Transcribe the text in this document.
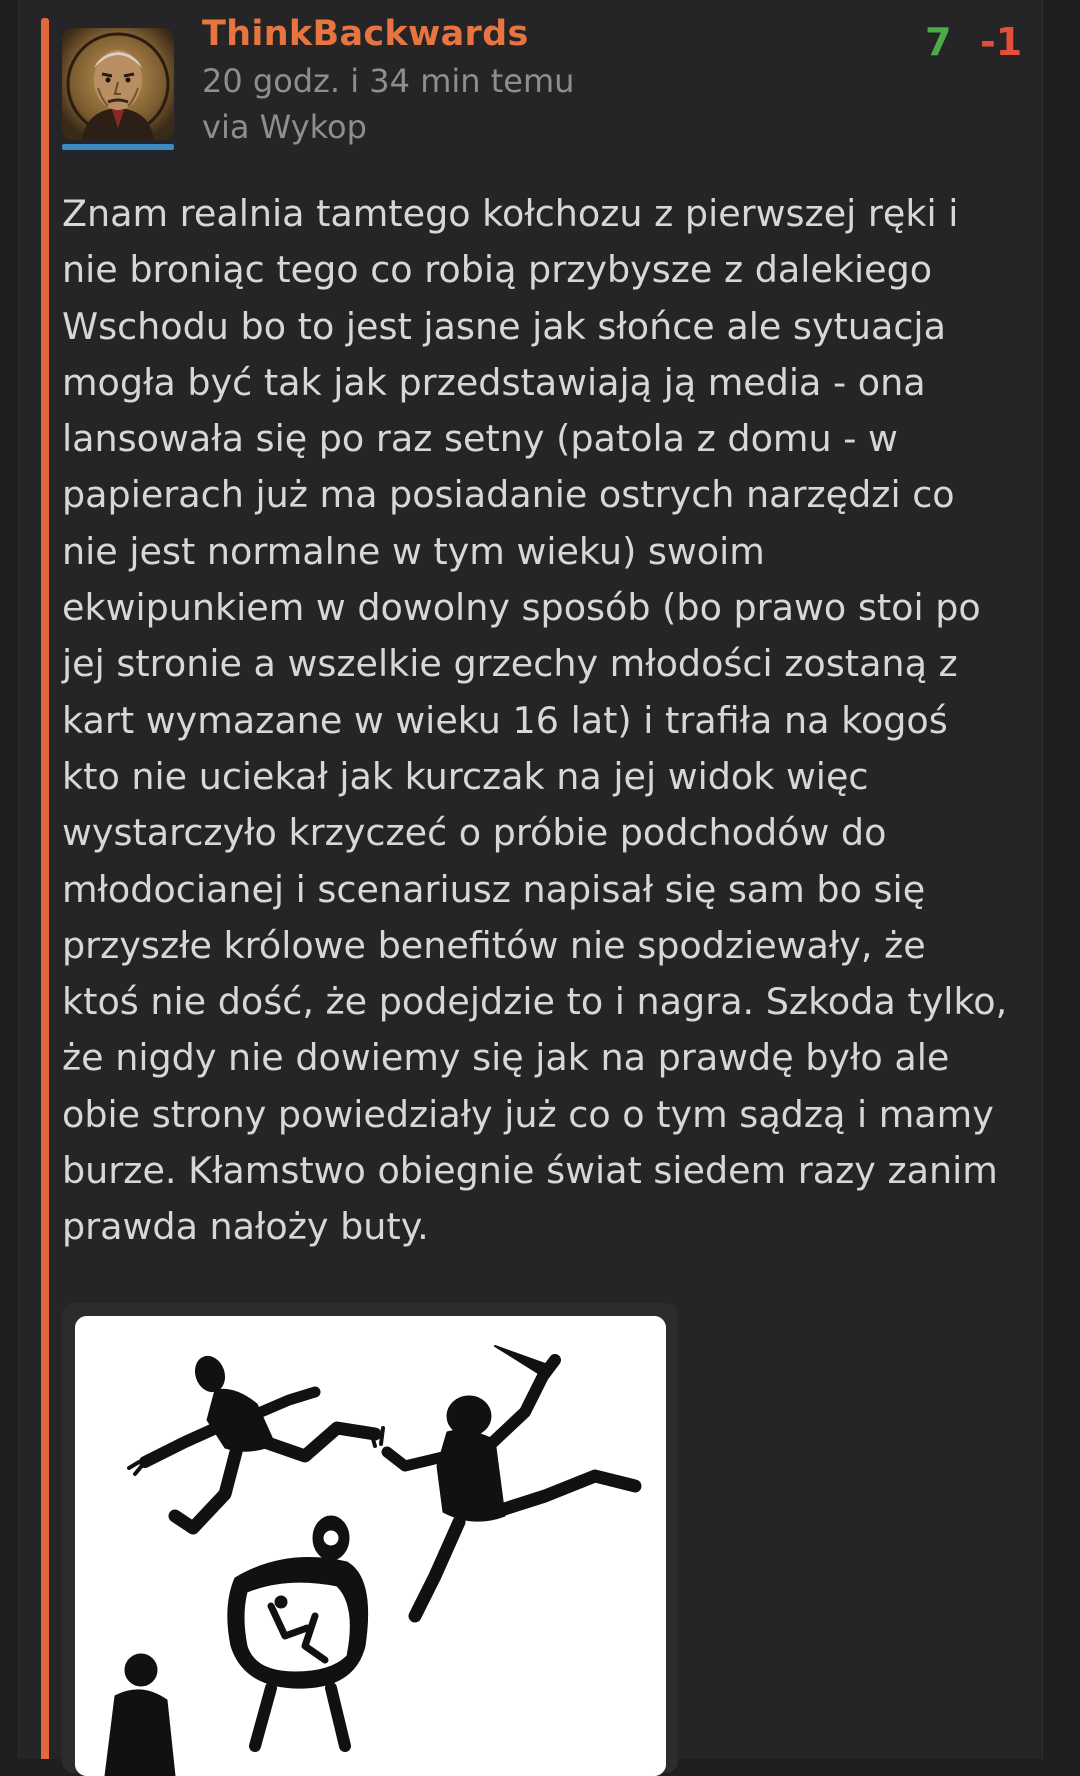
ThinkBackwards
20 godz. i 34 min temu
via Wykop
7 -1
Znam realnia tamtego kołchozu z pierwszej ręki i
nie broniąc tego co robią przybysze z dalekiego
Wschodu bo to jest jasne jak słońce ale sytuacja
mogła być tak jak przedstawiają ją media - ona
lansowała się po raz setny (patola z domu - w
papierach już ma posiadanie ostrych narzędzi co
nie jest normalne w tym wieku) swoim
ekwipunkiem w dowolny sposób (bo prawo stoi po
jej stronie a wszelkie grzechy młodości zostaną z
kart wymazane w wieku 16 lat) i trafiła na kogoś
kto nie uciekał jak kurczak na jej widok więc
wystarczyło krzyczeć o próbie podchodów do
młodocianej i scenariusz napisał się sam bo się
przyszłe królowe benefitów nie spodziewały, że
ktoś nie dość, że podejdzie to i nagra. Szkoda tylko,
że nigdy nie dowiemy się jak na prawdę było ale
obie strony powiedziały już co o tym sądzą i mamy
burze. Kłamstwo obiegnie świat siedem razy zanim
prawda nałoży buty.
